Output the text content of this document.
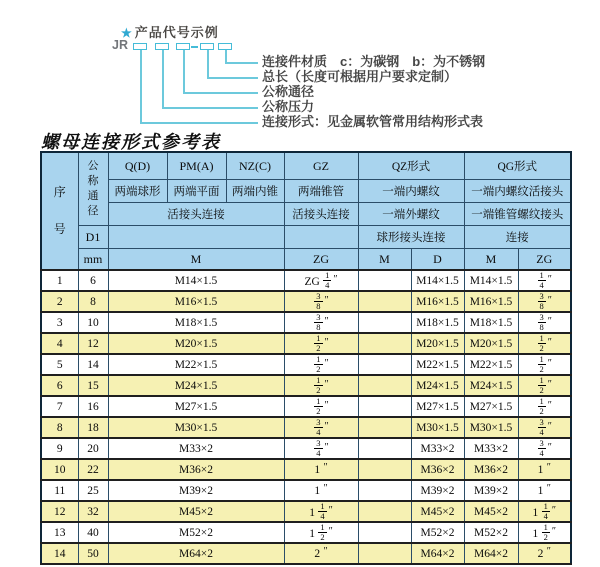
★ 产品代号示例
JR
连接件材质　c：为碳钢　b：为不锈钢
总长（长度可根据用户要求定制）
公称通径
公称压力
连接形式：见金属软管常用结构形式表
螺母连接形式参考表
序号	公称通径	Q(D)	PM(A)	NZ(C)	GZ	QZ形式		QG形式	
		两端球形	两端平面	两端内锥	两端锥管	一端内螺纹		一端内螺纹活接头	
		活接头连接			活接头连接	一端外螺纹		一端锥管螺纹接头	
	D1					球形接头连接		连接	
	mm	M			ZG	M	D	M	ZG
1	6	M14×1.5			ZG  $\frac{1}{4}$ ″		M14×1.5	M14×1.5	$\frac{1}{4}$ ″
2	8	M16×1.5			$\frac{3}{8}$ ″		M16×1.5	M16×1.5	$\frac{3}{8}$ ″
3	10	M18×1.5			$\frac{3}{8}$ ″		M18×1.5	M18×1.5	$\frac{3}{8}$ ″
4	12	M20×1.5			$\frac{1}{2}$ ″		M20×1.5	M20×1.5	$\frac{1}{2}$ ″
5	14	M22×1.5			$\frac{1}{2}$ ″		M22×1.5	M22×1.5	$\frac{1}{2}$ ″
6	15	M24×1.5			$\frac{1}{2}$ ″		M24×1.5	M24×1.5	$\frac{1}{2}$ ″
7	16	M27×1.5			$\frac{1}{2}$ ″		M27×1.5	M27×1.5	$\frac{1}{2}$ ″
8	18	M30×1.5			$\frac{3}{4}$ ″		M30×1.5	M30×1.5	$\frac{3}{4}$ ″
9	20	M33×2			$\frac{3}{4}$ ″		M33×2	M33×2	$\frac{3}{4}$ ″
10	22	M36×2			1 ″		M36×2	M36×2	1 ″
11	25	M39×2			1 ″		M39×2	M39×2	1 ″
12	32	M45×2			$1 \frac{1}{4}$ ″		M45×2	M45×2	$1 \frac{1}{4}$ ″
13	40	M52×2			$1 \frac{1}{2}$ ″		M52×2	M52×2	$1 \frac{1}{2}$ ″
14	50	M64×2			2 ″		M64×2	M64×2	2 ″
